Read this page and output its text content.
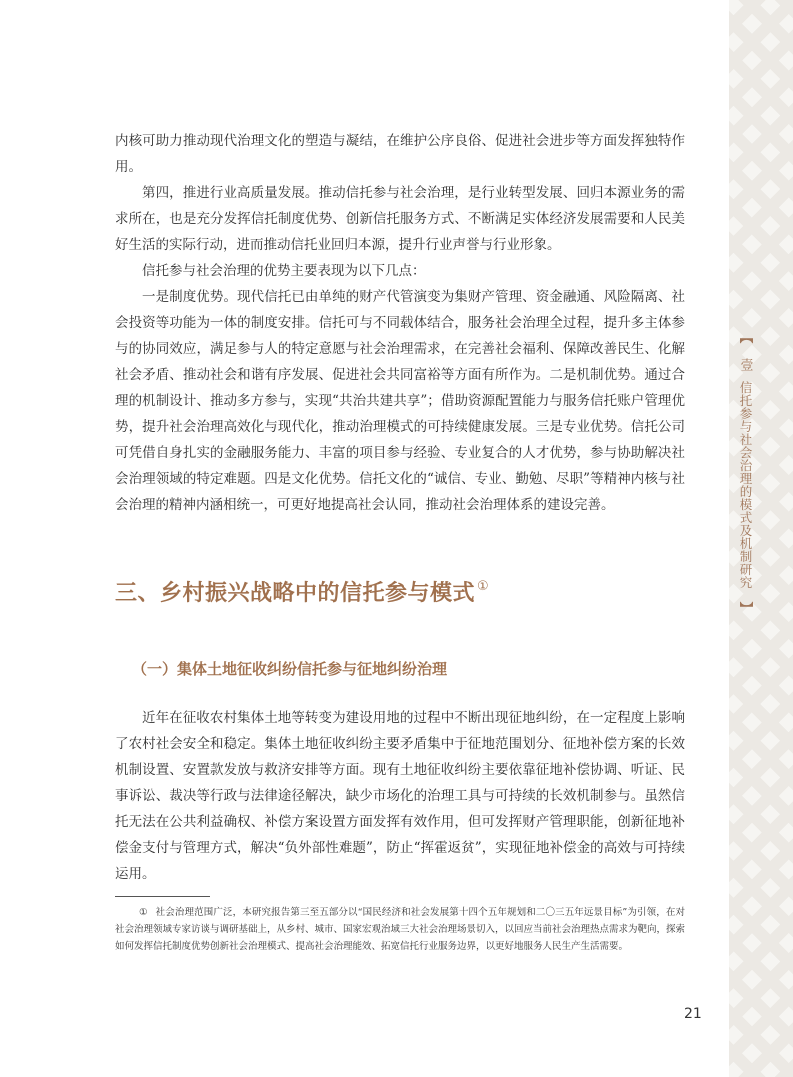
【
壹
信托参与社会治理的模式及机制研究
】

内核可助力推动现代治理文化的塑造与凝结，在维护公序良俗、促进社会进步等方面发挥独特作用。

第四，推进行业高质量发展。推动信托参与社会治理，是行业转型发展、回归本源业务的需求所在，也是充分发挥信托制度优势、创新信托服务方式、不断满足实体经济发展需要和人民美好生活的实际行动，进而推动信托业回归本源，提升行业声誉与行业形象。

信托参与社会治理的优势主要表现为以下几点：

一是制度优势。现代信托已由单纯的财产代管演变为集财产管理、资金融通、风险隔离、社会投资等功能为一体的制度安排。信托可与不同载体结合，服务社会治理全过程，提升多主体参与的协同效应，满足参与人的特定意愿与社会治理需求，在完善社会福利、保障改善民生、化解社会矛盾、推动社会和谐有序发展、促进社会共同富裕等方面有所作为。二是机制优势。通过合理的机制设计、推动多方参与，实现“共治共建共享”；借助资源配置能力与服务信托账户管理优势，提升社会治理高效化与现代化，推动治理模式的可持续健康发展。三是专业优势。信托公司可凭借自身扎实的金融服务能力、丰富的项目参与经验、专业复合的人才优势，参与协助解决社会治理领域的特定难题。四是文化优势。信托文化的“诚信、专业、勤勉、尽职”等精神内核与社会治理的精神内涵相统一，可更好地提高社会认同，推动社会治理体系的建设完善。

三、乡村振兴战略中的信托参与模式 ①
（一）集体土地征收纠纷信托参与征地纠纷治理

近年在征收农村集体土地等转变为建设用地的过程中不断出现征地纠纷，在一定程度上影响了农村社会安全和稳定。集体土地征收纠纷主要矛盾集中于征地范围划分、征地补偿方案的长效机制设置、安置款发放与救济安排等方面。现有土地征收纠纷主要依靠征地补偿协调、听证、民事诉讼、裁决等行政与法律途径解决，缺少市场化的治理工具与可持续的长效机制参与。虽然信托无法在公共利益确权、补偿方案设置方面发挥有效作用，但可发挥财产管理职能，创新征地补偿金支付与管理方式，解决“负外部性难题”，防止“挥霍返贫”，实现征地补偿金的高效与可持续运用。

① 社会治理范围广泛，本研究报告第三至五部分以“国民经济和社会发展第十四个五年规划和二〇三五年远景目标”为引领，在对社会治理领域专家访谈与调研基础上，从乡村、城市、国家宏观治域三大社会治理场景切入，以回应当前社会治理热点需求为靶向，探索如何发挥信托制度优势创新社会治理模式、提高社会治理能效、拓宽信托行业服务边界，以更好地服务人民生产生活需要。

21
